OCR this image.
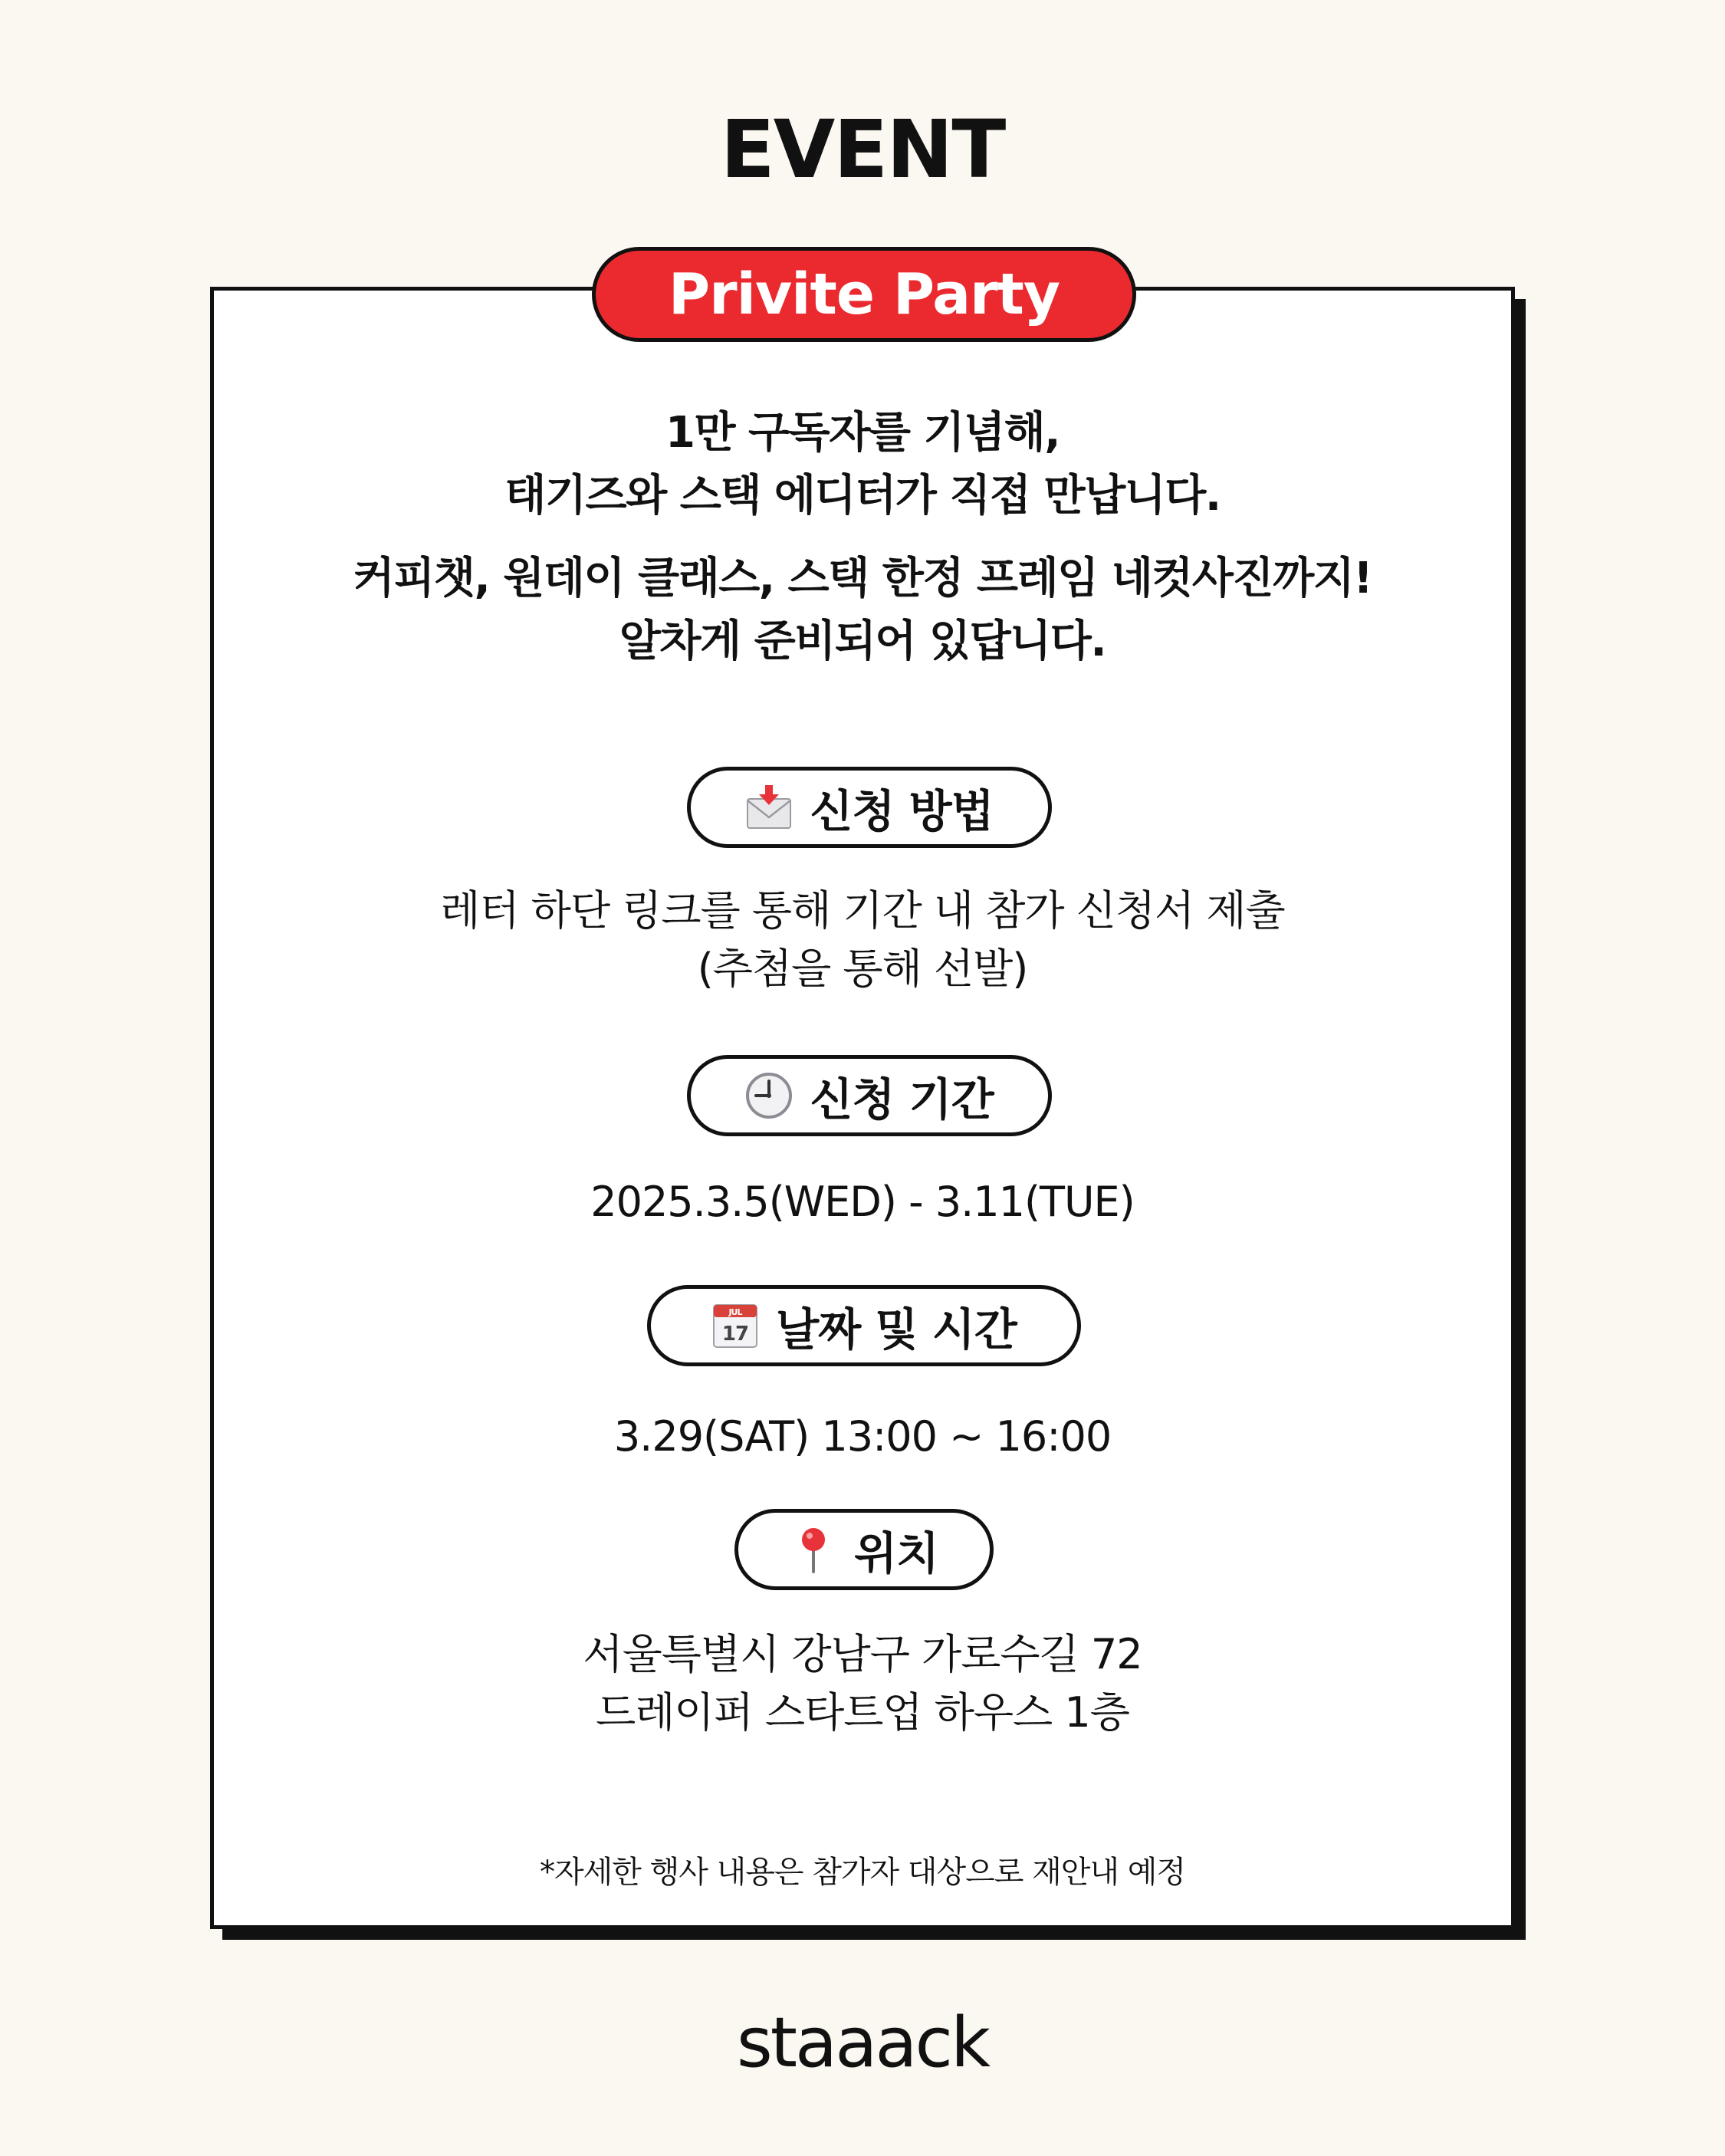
EVENT
Privite Party
1만 구독자를 기념해,
태기즈와 스택 에디터가 직접 만납니다.
커피챗, 원데이 클래스, 스택 한정 프레임 네컷사진까지!
알차게 준비되어 있답니다.
신청 방법
레터 하단 링크를 통해 기간 내 참가 신청서 제출
(추첨을 통해 선발)
신청 기간
2025.3.5(WED) - 3.11(TUE)
JUL
17 날짜 및 시간
3.29(SAT) 13:00 ~ 16:00
위치
서울특별시 강남구 가로수길 72
드레이퍼 스타트업 하우스 1층
*자세한 행사 내용은 참가자 대상으로 재안내 예정
staaack
